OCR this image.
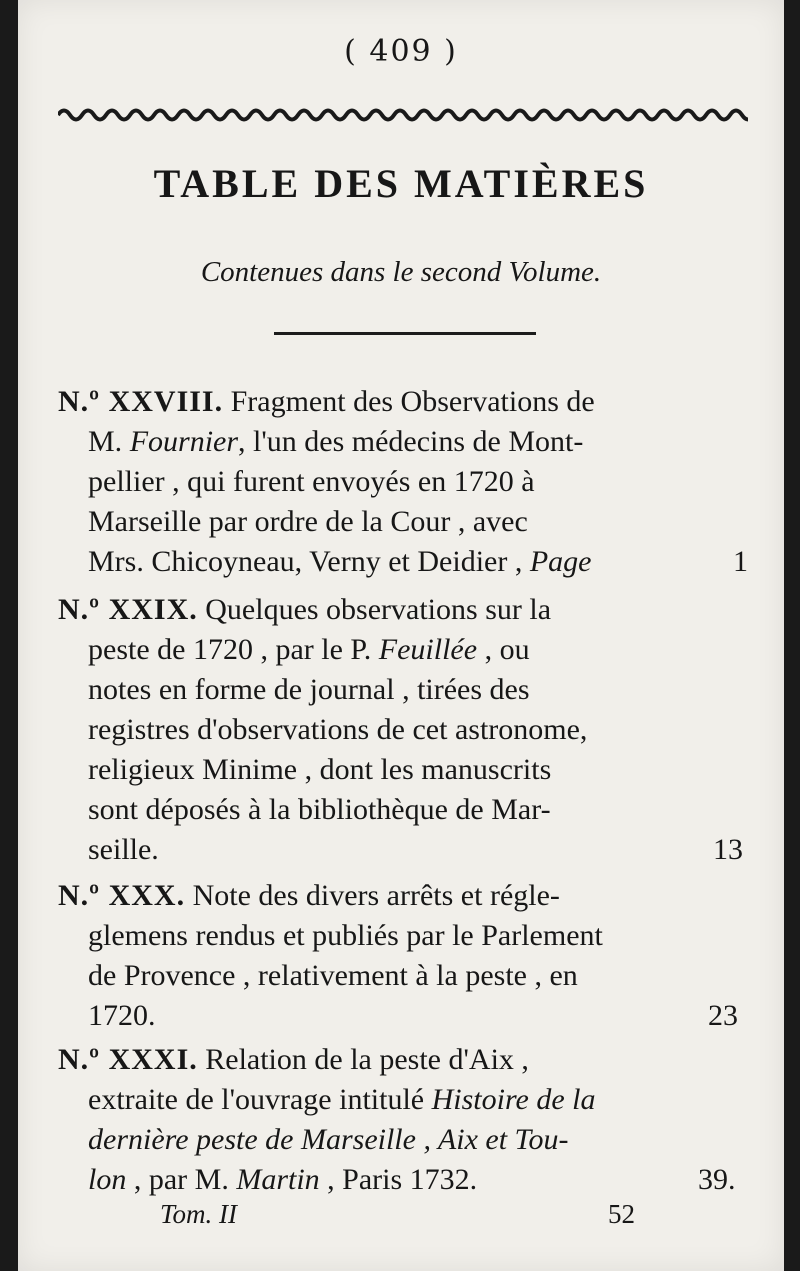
( 409 )
TABLE DES MATIÈRES
Contenues dans le second Volume.
N.º XXVIII. Fragment des Observations de
M. Fournier, l'un des médecins de Mont-
pellier , qui furent envoyés en 1720 à
Marseille par ordre de la Cour , avec
Mrs. Chicoyneau, Verny et Deidier , Page	1
N.º XXIX. Quelques observations sur la
peste de 1720 , par le P. Feuillée , ou
notes en forme de journal , tirées des
registres d'observations de cet astronome,
religieux Minime , dont les manuscrits
sont déposés à la bibliothèque de Mar-
seille.	13
N.º XXX. Note des divers arrêts et régle-
glemens rendus et publiés par le Parlement
de Provence , relativement à la peste , en
1720.	23
N.º XXXI. Relation de la peste d'Aix ,
extraite de l'ouvrage intitulé Histoire de la
dernière peste de Marseille , Aix et Tou-
lon , par M. Martin , Paris 1732.	39.
Tom. II	52
